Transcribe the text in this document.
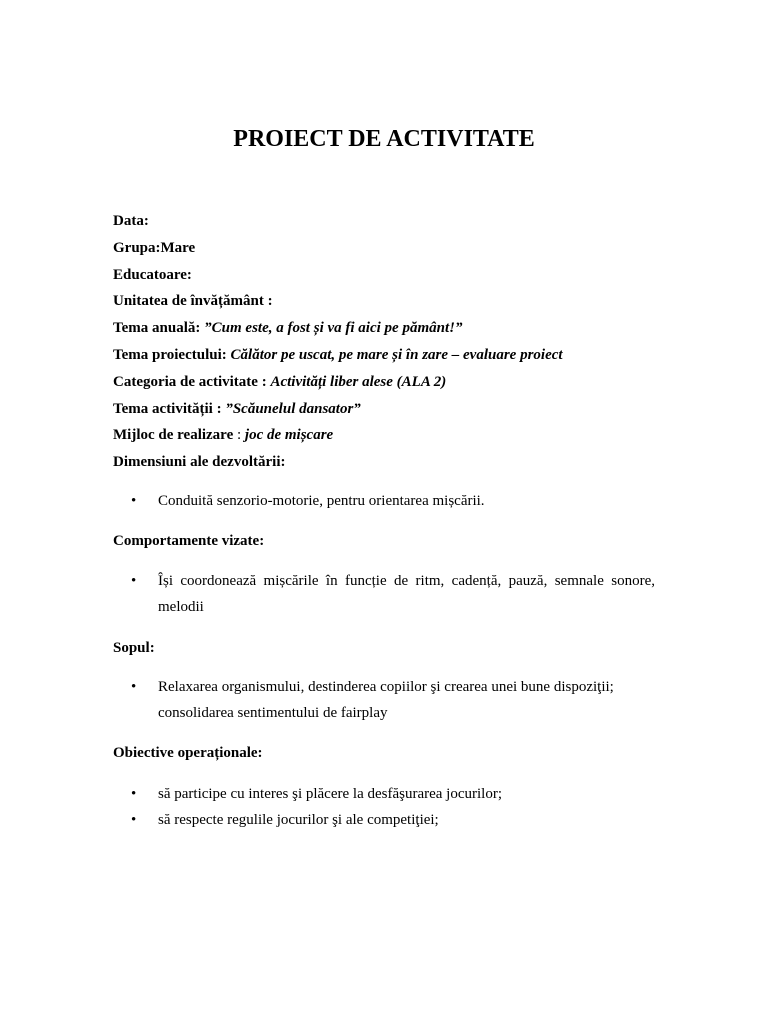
PROIECT DE ACTIVITATE
Data:
Grupa:Mare
Educatoare:
Unitatea de învățământ :
Tema anuală: ”Cum este, a fost și va fi aici pe pământ!”
Tema proiectului: Călător pe uscat, pe mare și în zare – evaluare proiect
Categoria de activitate : Activități liber alese (ALA 2)
Tema activității : ”Scăunelul dansator”
Mijloc de realizare : joc de mișcare
Dimensiuni ale dezvoltării:
• Conduită senzorio-motorie, pentru orientarea mișcării.
Comportamente vizate:
• Își coordonează mișcările în funcție de ritm, cadență, pauză, semnale sonore, melodii
Sopul:
• Relaxarea organismului, destinderea copiilor şi crearea unei bune dispoziţii; consolidarea sentimentului de fairplay
Obiective operaționale:
• să participe cu interes şi plăcere la desfăşurarea jocurilor;
• să respecte regulile jocurilor şi ale competiţiei;
